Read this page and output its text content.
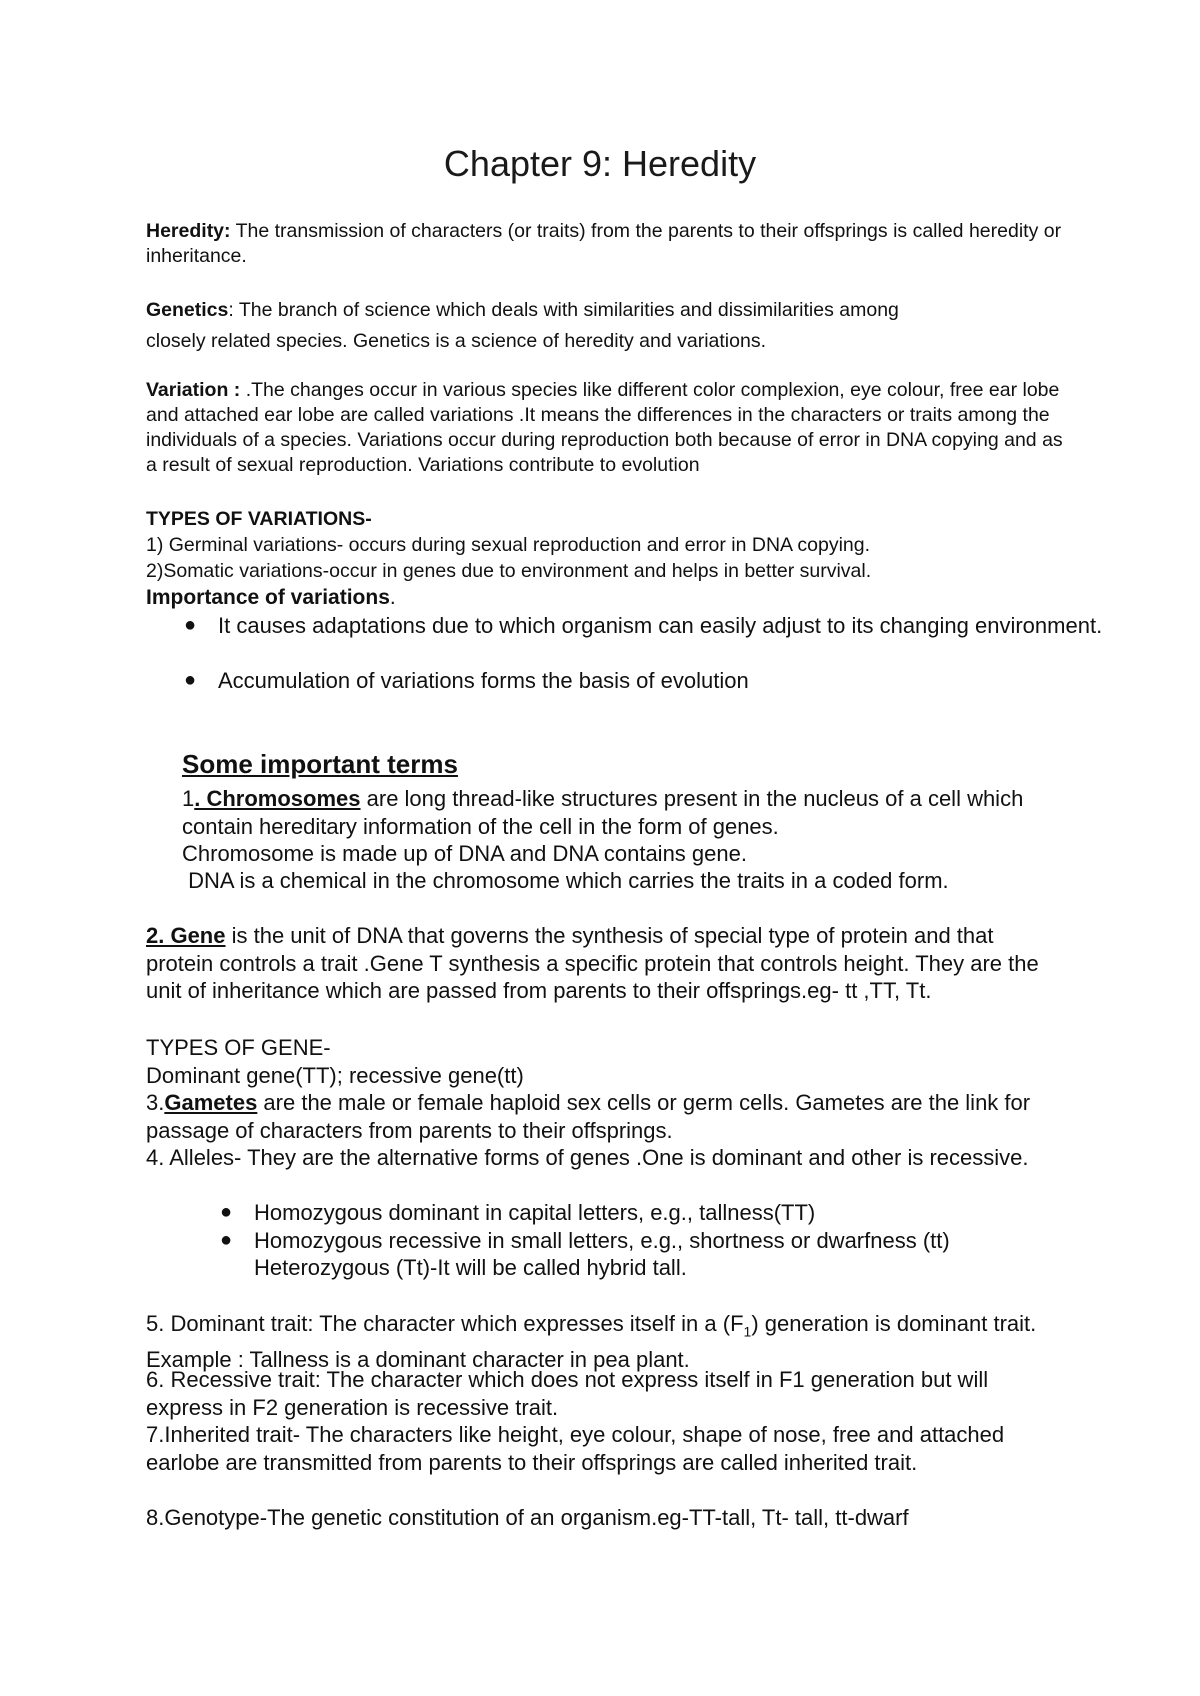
Chapter 9: Heredity
Heredity: The transmission of characters (or traits) from the parents to their offsprings is called heredity or inheritance.
Genetics: The branch of science which deals with similarities and dissimilarities among
closely related species. Genetics is a science of heredity and variations.
Variation : .The changes occur in various species like different color complexion, eye colour, free ear lobe and attached ear lobe are called variations .It means the differences in the characters or traits among the individuals of a species. Variations occur during reproduction both because of error in DNA copying and as a result of sexual reproduction. Variations contribute to evolution
TYPES OF VARIATIONS-
1) Germinal variations- occurs during sexual reproduction and error in DNA copying.
2)Somatic variations-occur in genes due to environment and helps in better survival.
Importance of variations.
● It causes adaptations due to which organism can easily adjust to its changing environment.
● Accumulation of variations forms the basis of evolution
Some important terms
1. Chromosomes are long thread-like structures present in the nucleus of a cell which contain hereditary information of the cell in the form of genes.
Chromosome is made up of DNA and DNA contains gene.
DNA is a chemical in the chromosome which carries the traits in a coded form.
2. Gene is the unit of DNA that governs the synthesis of special type of protein and that protein controls a trait .Gene T synthesis a specific protein that controls height. They are the unit of inheritance which are passed from parents to their offsprings.eg- tt ,TT, Tt.
TYPES OF GENE-
Dominant gene(TT); recessive gene(tt)
3.Gametes are the male or female haploid sex cells or germ cells. Gametes are the link for passage of characters from parents to their offsprings.
4. Alleles- They are the alternative forms of genes .One is dominant and other is recessive.
● Homozygous dominant in capital letters, e.g., tallness(TT)
● Homozygous recessive in small letters, e.g., shortness or dwarfness (tt)
Heterozygous (Tt)-It will be called hybrid tall.
5. Dominant trait: The character which expresses itself in a $(F_1)$ generation is dominant trait. Example : Tallness is a dominant character in pea plant.
6. Recessive trait: The character which does not express itself in F1 generation but will express in F2 generation is recessive trait.
7.Inherited trait- The characters like height, eye colour, shape of nose, free and attached earlobe are transmitted from parents to their offsprings are called inherited trait.
8.Genotype-The genetic constitution of an organism.eg-TT-tall, Tt- tall, tt-dwarf
